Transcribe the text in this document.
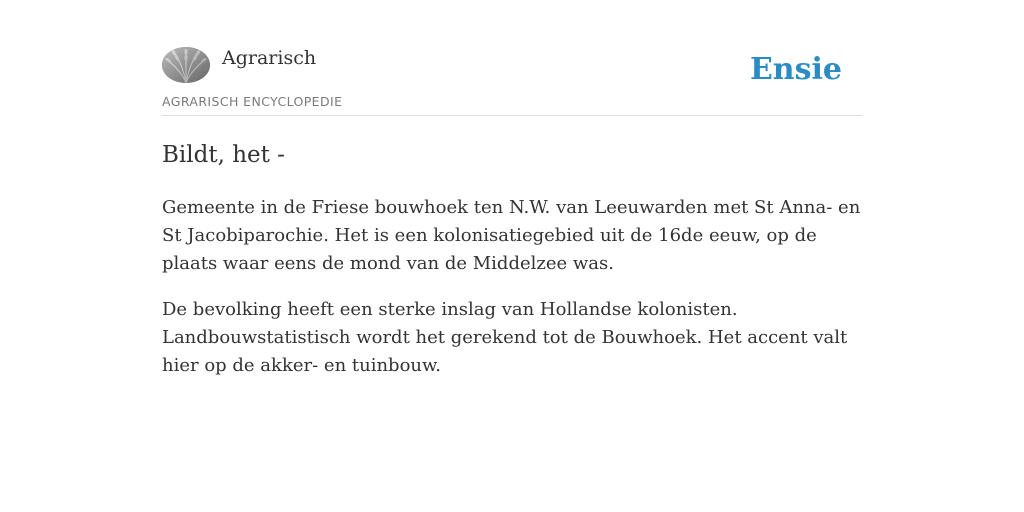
Agrarisch	Ensie
AGRARISCH ENCYCLOPEDIE
Bildt, het -

Gemeente in de Friese bouwhoek ten N.W. van Leeuwarden met St Anna- en St Jacobiparochie. Het is een kolonisatiegebied uit de 16de eeuw, op de plaats waar eens de mond van de Middelzee was.

De bevolking heeft een sterke inslag van Hollandse kolonisten. Landbouwstatistisch wordt het gerekend tot de Bouwhoek. Het accent valt hier op de akker- en tuinbouw.
